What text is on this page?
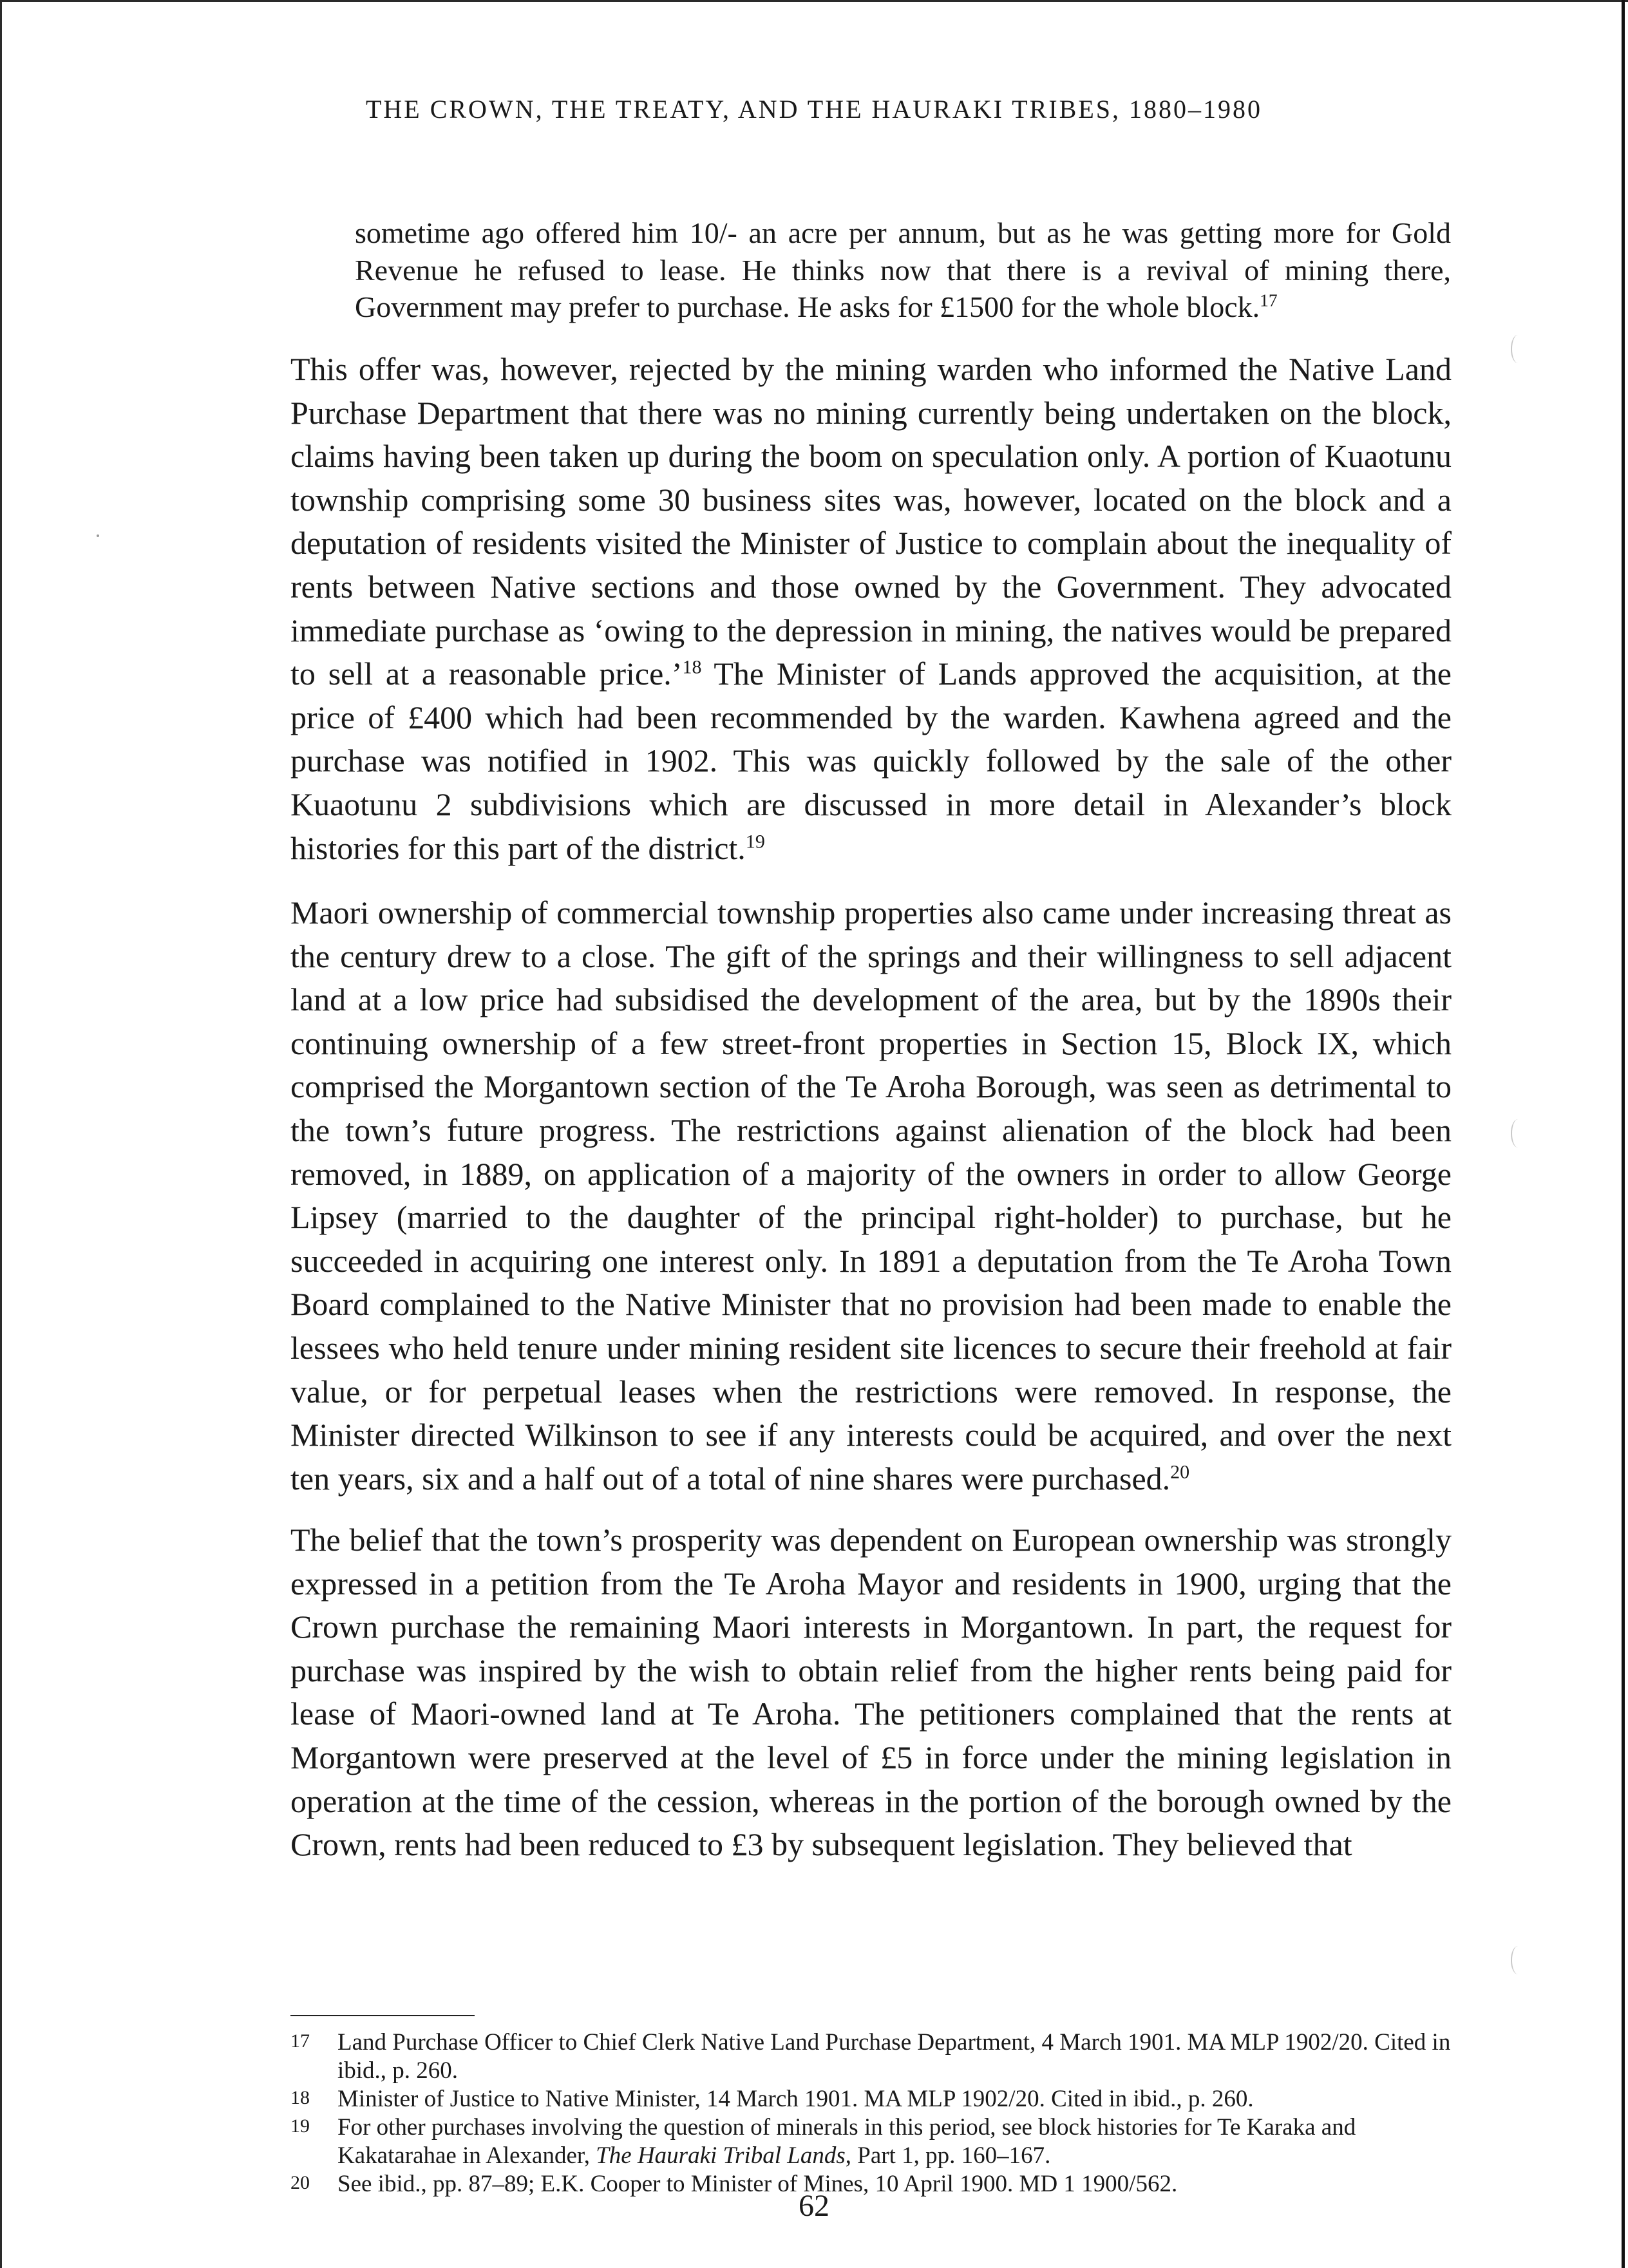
THE CROWN, THE TREATY, AND THE HAURAKI TRIBES, 1880–1980

sometime ago offered him 10/- an acre per annum, but as he was getting more for Gold Revenue he refused to lease. He thinks now that there is a revival of mining there, Government may prefer to purchase. He asks for £1500 for the whole block.$^{17}$

This offer was, however, rejected by the mining warden who informed the Native Land Purchase Department that there was no mining currently being undertaken on the block, claims having been taken up during the boom on speculation only. A portion of Kuaotunu township comprising some 30 business sites was, however, located on the block and a deputation of residents visited the Minister of Justice to complain about the inequality of rents between Native sections and those owned by the Government. They advocated immediate purchase as ‘owing to the depression in mining, the natives would be prepared to sell at a reasonable price.’$^{18}$ The Minister of Lands approved the acquisition, at the price of £400 which had been recommended by the warden. Kawhena agreed and the purchase was notified in 1902. This was quickly followed by the sale of the other Kuaotunu 2 subdivisions which are discussed in more detail in Alexander’s block histories for this part of the district.$^{19}$

Maori ownership of commercial township properties also came under increasing threat as the century drew to a close. The gift of the springs and their willingness to sell adjacent land at a low price had subsidised the development of the area, but by the 1890s their continuing ownership of a few street-front properties in Section 15, Block IX, which comprised the Morgantown section of the Te Aroha Borough, was seen as detrimental to the town’s future progress. The restrictions against alienation of the block had been removed, in 1889, on application of a majority of the owners in order to allow George Lipsey (married to the daughter of the principal right-holder) to purchase, but he succeeded in acquiring one interest only. In 1891 a deputation from the Te Aroha Town Board complained to the Native Minister that no provision had been made to enable the lessees who held tenure under mining resident site licences to secure their freehold at fair value, or for perpetual leases when the restrictions were removed. In response, the Minister directed Wilkinson to see if any interests could be acquired, and over the next ten years, six and a half out of a total of nine shares were purchased.$^{20}$

The belief that the town’s prosperity was dependent on European ownership was strongly expressed in a petition from the Te Aroha Mayor and residents in 1900, urging that the Crown purchase the remaining Maori interests in Morgantown. In part, the request for purchase was inspired by the wish to obtain relief from the higher rents being paid for lease of Maori-owned land at Te Aroha. The petitioners complained that the rents at Morgantown were preserved at the level of £5 in force under the mining legislation in operation at the time of the cession, whereas in the portion of the borough owned by the Crown, rents had been reduced to £3 by subsequent legislation. They believed that

17	Land Purchase Officer to Chief Clerk Native Land Purchase Department, 4 March 1901. MA MLP 1902/20. Cited in ibid., p. 260.
18	Minister of Justice to Native Minister, 14 March 1901. MA MLP 1902/20. Cited in ibid., p. 260.
19	For other purchases involving the question of minerals in this period, see block histories for Te Karaka and Kakatarahae in Alexander, The Hauraki Tribal Lands, Part 1, pp. 160–167.
20	See ibid., pp. 87–89; E.K. Cooper to Minister of Mines, 10 April 1900. MD 1 1900/562.
62
